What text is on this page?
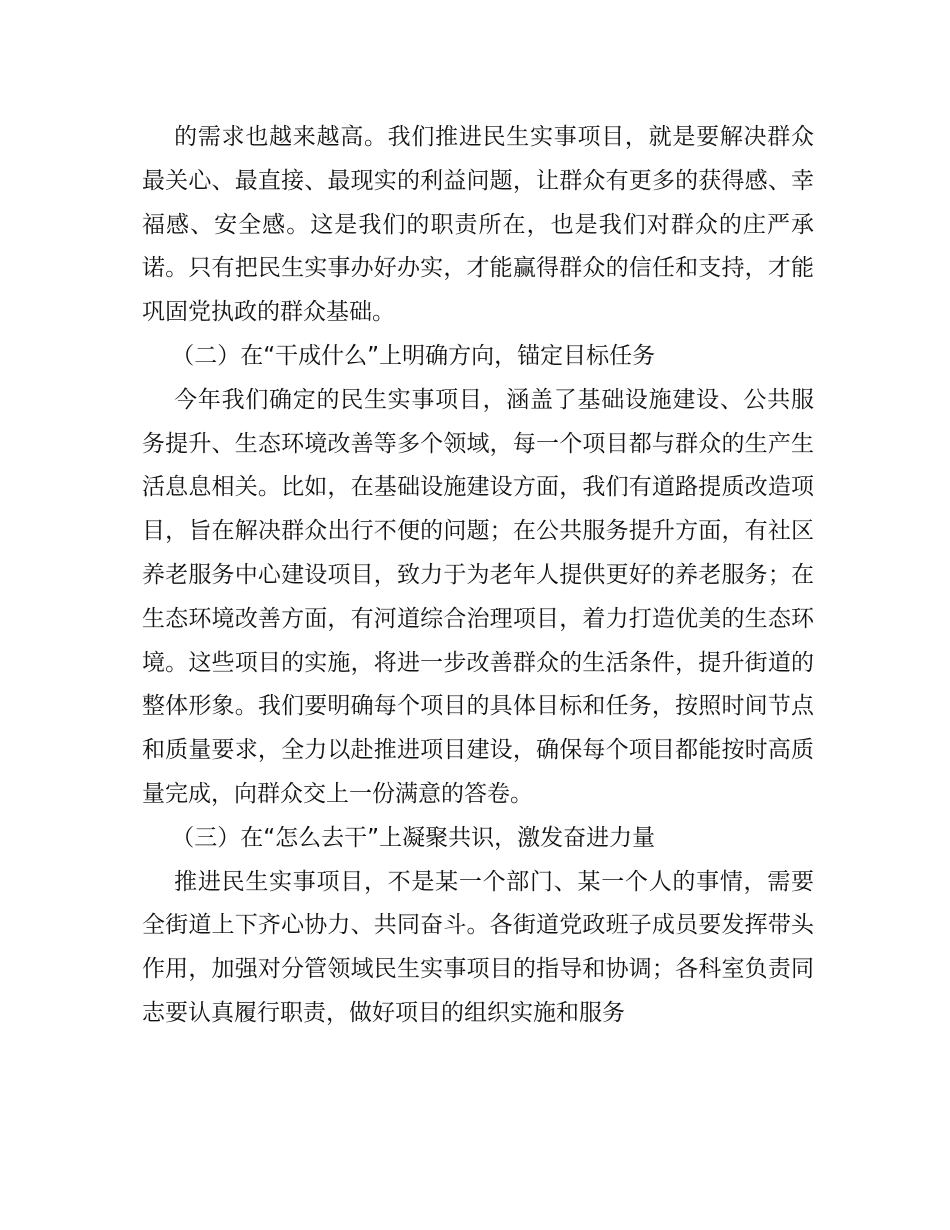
的需求也越来越高。我们推进民生实事项目，就是要解决群众最关心、最直接、最现实的利益问题，让群众有更多的获得感、幸福感、安全感。这是我们的职责所在，也是我们对群众的庄严承诺。只有把民生实事办好办实，才能赢得群众的信任和支持，才能巩固党执政的群众基础。

（二）在“干成什么”上明确方向，锚定目标任务

今年我们确定的民生实事项目，涵盖了基础设施建设、公共服务提升、生态环境改善等多个领域，每一个项目都与群众的生产生活息息相关。比如，在基础设施建设方面，我们有道路提质改造项目，旨在解决群众出行不便的问题；在公共服务提升方面，有社区养老服务中心建设项目，致力于为老年人提供更好的养老服务；在生态环境改善方面，有河道综合治理项目，着力打造优美的生态环境。这些项目的实施，将进一步改善群众的生活条件，提升街道的整体形象。我们要明确每个项目的具体目标和任务，按照时间节点和质量要求，全力以赴推进项目建设，确保每个项目都能按时高质量完成，向群众交上一份满意的答卷。

（三）在“怎么去干”上凝聚共识，激发奋进力量

推进民生实事项目，不是某一个部门、某一个人的事情，需要全街道上下齐心协力、共同奋斗。各街道党政班子成员要发挥带头作用，加强对分管领域民生实事项目的指导和协调；各科室负责同志要认真履行职责，做好项目的组织实施和服务
